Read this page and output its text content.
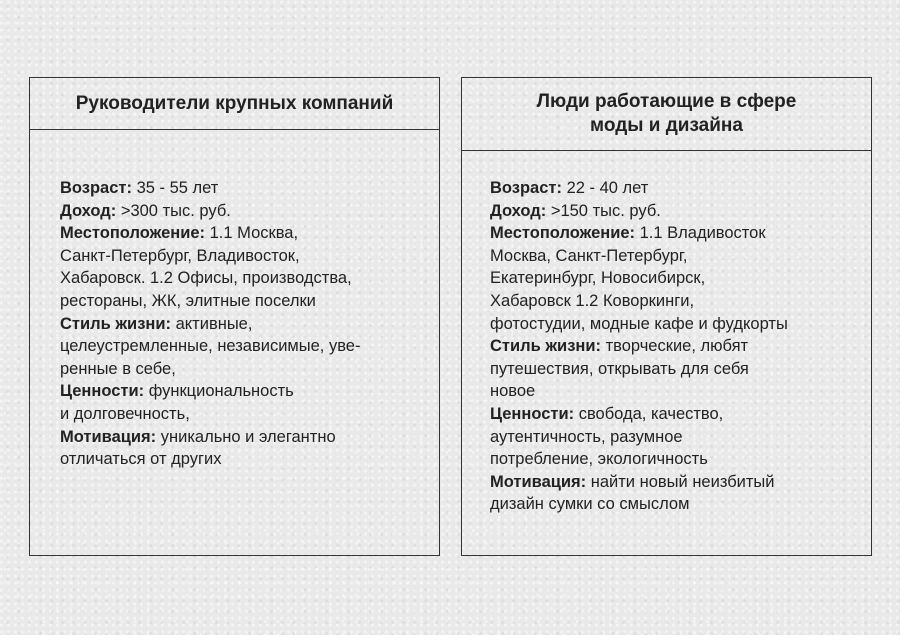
Руководители крупных компаний
Возраст: 35 - 55 лет
Доход: >300 тыс. руб.
Местоположение: 1.1 Москва,
Санкт-Петербург, Владивосток,
Хабаровск. 1.2 Офисы, производства,
рестораны, ЖК, элитные поселки
Стиль жизни: активные,
целеустремленные, независимые, уве-
ренные в себе,
Ценности: функциональность
и долговечность,
Мотивация: уникально и элегантно
отличаться от других
Люди работающие в сфере
моды и дизайна
Возраст: 22 - 40 лет
Доход: >150 тыс. руб.
Местоположение: 1.1 Владивосток
Москва, Санкт-Петербург,
Екатеринбург, Новосибирск,
Хабаровск 1.2 Коворкинги,
фотостудии, модные кафе и фудкорты
Стиль жизни: творческие, любят
путешествия, открывать для себя
новое
Ценности: свобода, качество,
аутентичность, разумное
потребление, экологичность
Мотивация: найти новый неизбитый
дизайн сумки со смыслом
